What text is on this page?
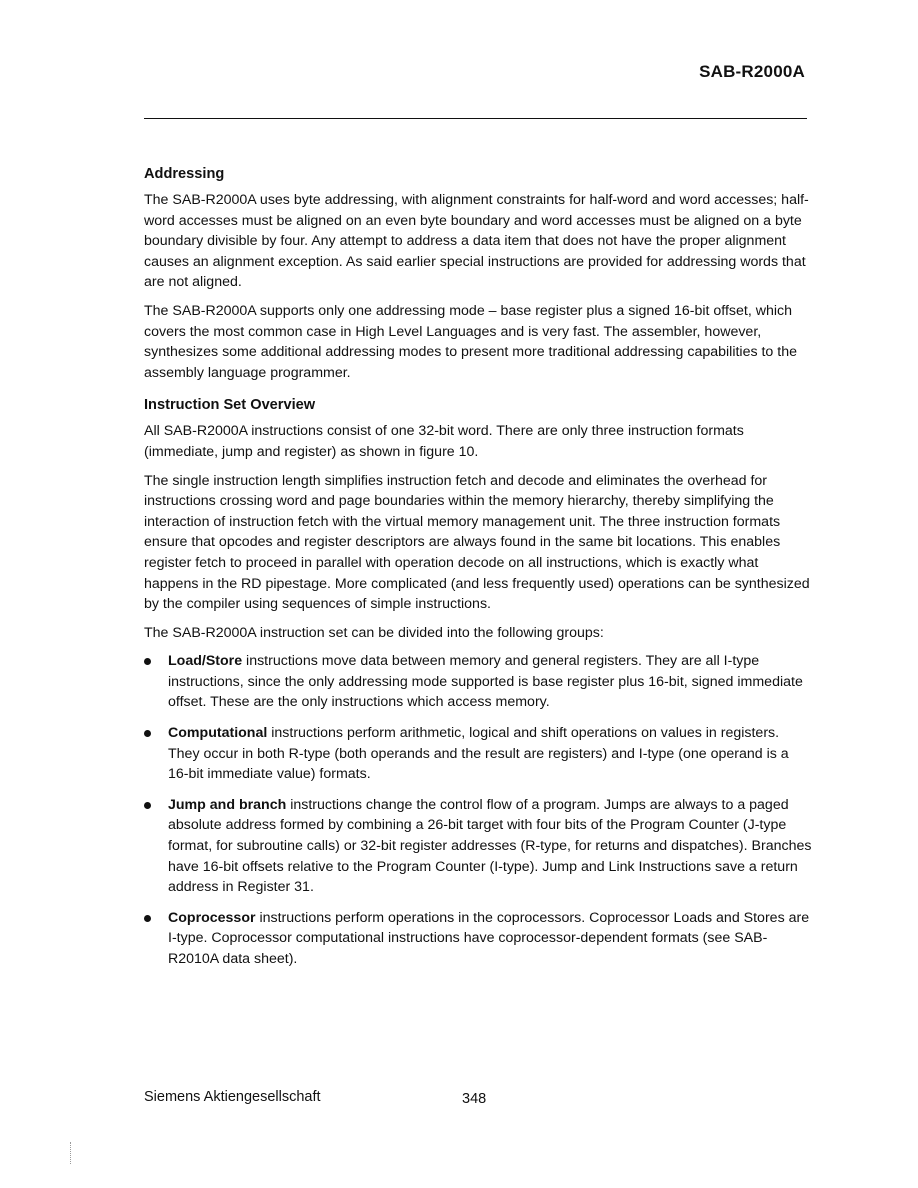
SAB-R2000A
Addressing

The SAB-R2000A uses byte addressing, with alignment constraints for half-word and word accesses; half-word accesses must be aligned on an even byte boundary and word accesses must be aligned on a byte boundary divisible by four. Any attempt to address a data item that does not have the proper alignment causes an alignment exception. As said earlier special instructions are provided for addressing words that are not aligned.

The SAB-R2000A supports only one addressing mode – base register plus a signed 16-bit offset, which covers the most common case in High Level Languages and is very fast. The assembler, however, synthesizes some additional addressing modes to present more traditional addressing capabilities to the assembly language programmer.

Instruction Set Overview

All SAB-R2000A instructions consist of one 32-bit word. There are only three instruction formats (immediate, jump and register) as shown in figure 10.

The single instruction length simplifies instruction fetch and decode and eliminates the overhead for instructions crossing word and page boundaries within the memory hierarchy, thereby simplifying the interaction of instruction fetch with the virtual memory management unit. The three instruction formats ensure that opcodes and register descriptors are always found in the same bit locations. This enables register fetch to proceed in parallel with operation decode on all instructions, which is exactly what happens in the RD pipestage. More complicated (and less frequently used) operations can be synthesized by the compiler using sequences of simple instructions.

The SAB-R2000A instruction set can be divided into the following groups:

Load/Store instructions move data between memory and general registers. They are all I-type instructions, since the only addressing mode supported is base register plus 16-bit, signed immediate offset. These are the only instructions which access memory.
Computational instructions perform arithmetic, logical and shift operations on values in registers. They occur in both R-type (both operands and the result are registers) and I-type (one operand is a 16-bit immediate value) formats.
Jump and branch instructions change the control flow of a program. Jumps are always to a paged absolute address formed by combining a 26-bit target with four bits of the Program Counter (J-type format, for subroutine calls) or 32-bit register addresses (R-type, for returns and dispatches). Branches have 16-bit offsets relative to the Program Counter (I-type). Jump and Link Instructions save a return address in Register 31.
Coprocessor instructions perform operations in the coprocessors. Coprocessor Loads and Stores are I-type. Coprocessor computational instructions have coprocessor-dependent formats (see SAB-R2010A data sheet).
Siemens Aktiengesellschaft	348
